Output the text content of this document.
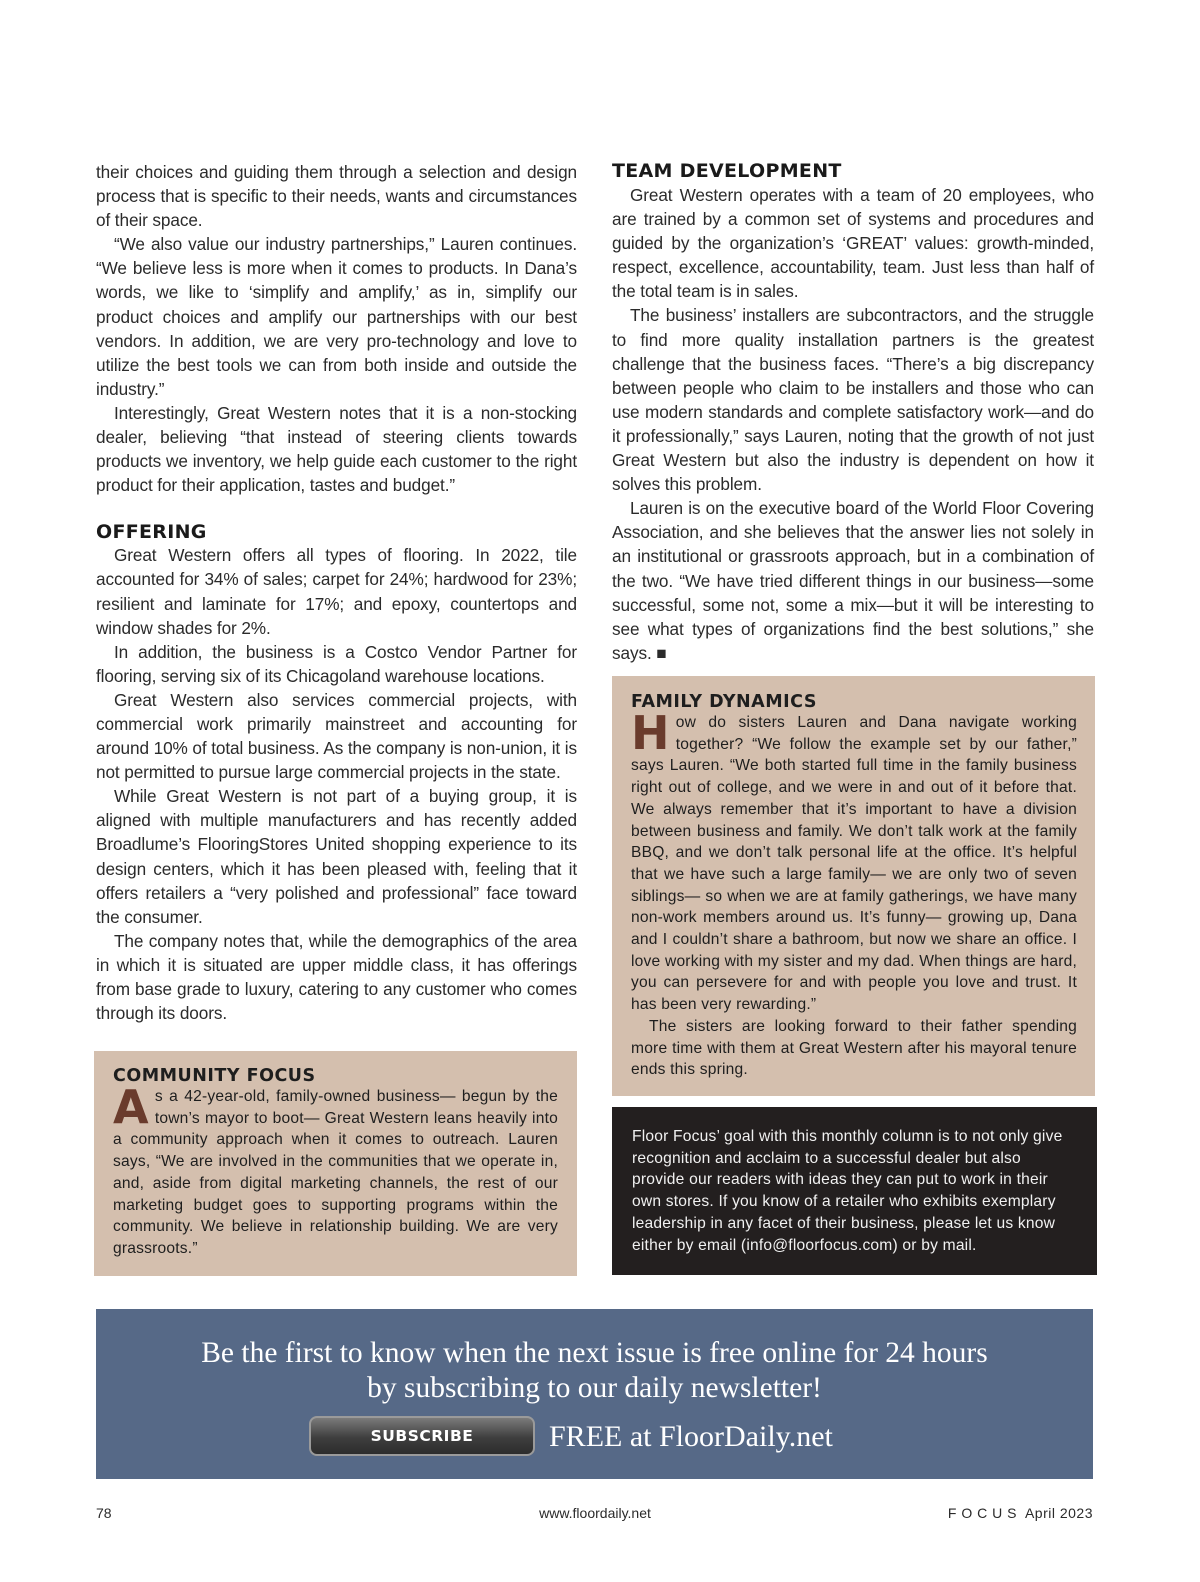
their choices and guiding them through a selection and design process that is specific to their needs, wants and circumstances of their space.

“We also value our industry partnerships,” Lauren continues. “We believe less is more when it comes to products. In Dana’s words, we like to ‘simplify and amplify,’ as in, simplify our product choices and amplify our partnerships with our best vendors. In addition, we are very pro-technology and love to utilize the best tools we can from both inside and outside the industry.”

Interestingly, Great Western notes that it is a non-stocking dealer, believing “that instead of steering clients towards products we inventory, we help guide each customer to the right product for their application, tastes and budget.”

OFFERING

Great Western offers all types of flooring. In 2022, tile accounted for 34% of sales; carpet for 24%; hardwood for 23%; resilient and laminate for 17%; and epoxy, countertops and window shades for 2%.

In addition, the business is a Costco Vendor Partner for flooring, serving six of its Chicagoland warehouse locations.

Great Western also services commercial projects, with commercial work primarily mainstreet and accounting for around 10% of total business. As the company is non-union, it is not permitted to pursue large commercial projects in the state.

While Great Western is not part of a buying group, it is aligned with multiple manufacturers and has recently added Broadlume’s FlooringStores United shopping experience to its design centers, which it has been pleased with, feeling that it offers retailers a “very polished and professional” face toward the consumer.

The company notes that, while the demographics of the area in which it is situated are upper middle class, it has offerings from base grade to luxury, catering to any customer who comes through its doors.

COMMUNITY FOCUS

As a 42-year-old, family-owned business— begun by the town’s mayor to boot— Great Western leans heavily into a community approach when it comes to outreach. Lauren says, “We are involved in the communities that we operate in, and, aside from digital marketing channels, the rest of our marketing budget goes to supporting programs within the community. We believe in relationship building. We are very grassroots.”

TEAM DEVELOPMENT

Great Western operates with a team of 20 employees, who are trained by a common set of systems and procedures and guided by the organization’s ‘GREAT’ values: growth-minded, respect, excellence, accountability, team. Just less than half of the total team is in sales.

The business’ installers are subcontractors, and the struggle to find more quality installation partners is the greatest challenge that the business faces. “There’s a big discrepancy between people who claim to be installers and those who can use modern standards and complete satisfactory work—and do it professionally,” says Lauren, noting that the growth of not just Great Western but also the industry is dependent on how it solves this problem.

Lauren is on the executive board of the World Floor Covering Association, and she believes that the answer lies not solely in an institutional or grassroots approach, but in a combination of the two. “We have tried different things in our business—some successful, some not, some a mix—but it will be interesting to see what types of organizations find the best solutions,” she says. ■

FAMILY DYNAMICS

How do sisters Lauren and Dana navigate working together? “We follow the example set by our father,” says Lauren. “We both started full time in the family business right out of college, and we were in and out of it before that. We always remember that it’s important to have a division between business and family. We don’t talk work at the family BBQ, and we don’t talk personal life at the office. It’s helpful that we have such a large family— we are only two of seven siblings— so when we are at family gatherings, we have many non-work members around us. It’s funny— growing up, Dana and I couldn’t share a bathroom, but now we share an office. I love working with my sister and my dad. When things are hard, you can persevere for and with people you love and trust. It has been very rewarding.”

The sisters are looking forward to their father spending more time with them at Great Western after his mayoral tenure ends this spring.

Floor Focus’ goal with this monthly column is to not only give recognition and acclaim to a successful dealer but also provide our readers with ideas they can put to work in their own stores. If you know of a retailer who exhibits exemplary leadership in any facet of their business, please let us know either by email (info@floorfocus.com) or by mail.

Be the first to know when the next issue is free online for 24 hours
by subscribing to our daily newsletter!
SUBSCRIBE	FREE at FloorDaily.net
78	www.floordaily.net	F O C U S  April 2023
